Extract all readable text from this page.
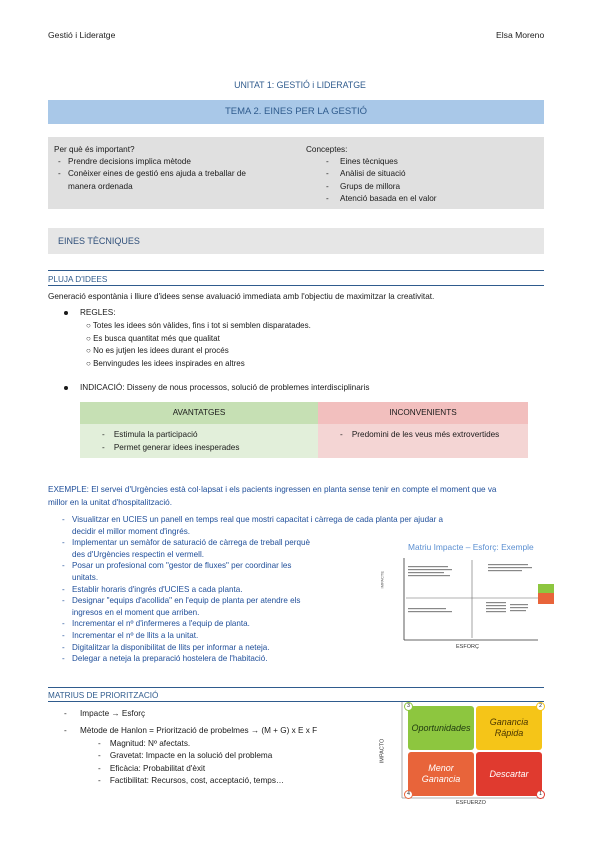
Gestió i Lideratge	Elsa Moreno
UNITAT 1: GESTIÓ i LIDERATGE
TEMA 2. EINES PER LA GESTIÓ
Per què és important?
- Prendre decisions implica mètode
- Conèixer eines de gestió ens ajuda a treballar de
manera ordenada
Conceptes:
- Eines tècniques
- Anàlisi de situació
- Grups de millora
- Atenció basada en el valor
EINES TÈCNIQUES
PLUJA D'IDEES
Generació espontània i lliure d'idees sense avaluació immediata amb l'objectiu de maximitzar la creativitat.
REGLES:
○ Totes les idees són vàlides, fins i tot si semblen disparatades.
○ Es busca quantitat més que qualitat
○ No es jutjen les idees durant el procés
○ Benvingudes les idees inspirades en altres
INDICACIÓ: Disseny de nous processos, solució de problemes interdisciplinaris
AVANTATGES	INCONVENIENTS

-    Estimula la participació
-    Permet generar idees inesperades	-    Predomini de les veus més extrovertides
EXEMPLE: El servei d'Urgències està col·lapsat i els pacients ingressen en planta sense tenir en compte el moment que va
millor en la unitat d'hospitalització.
- Visualitzar en UCIES un panell en temps real que mostri capacitat i càrrega de cada planta per ajudar a
decidir el millor moment d'ingrés.
- Implementar un semàfor de saturació de càrrega de treball perquè
des d'Urgències respectin el vermell.
- Posar un profesional com "gestor de fluxes" per coordinar les
unitats.
- Establir horaris d'ingrés d'UCIES a cada planta.
- Designar "equips d'acollida" en l'equip de planta per atendre els
ingresos en el moment que arriben.
- Incrementar el nº d'infermeres a l'equip de planta.
- Incrementar el nº de llits a la unitat.
- Digitalitzar la disponibilitat de llits per informar a neteja.
- Delegar a neteja la preparació hostelera de l'habitació.
Matriu Impacte – Esforç: Exemple
IMPACTE
ESFORÇ
MATRIUS DE PRIORITZACIÓ
- Impacte → Esforç
- Mètode de Hanlon = Priorització de probelmes → (M + G) x E x F
-    Magnitud: Nº afectats.
-    Gravetat: Impacte en la solució del problema
-    Eficàcia: Probabilitat d'èxit
-    Factibilitat: Recursos, cost, acceptació, temps…
Oportunidades
Ganancia Rápida
Menor Ganancia	Descartar
3	2
4	1
IMPACTO
ESFUERZO
